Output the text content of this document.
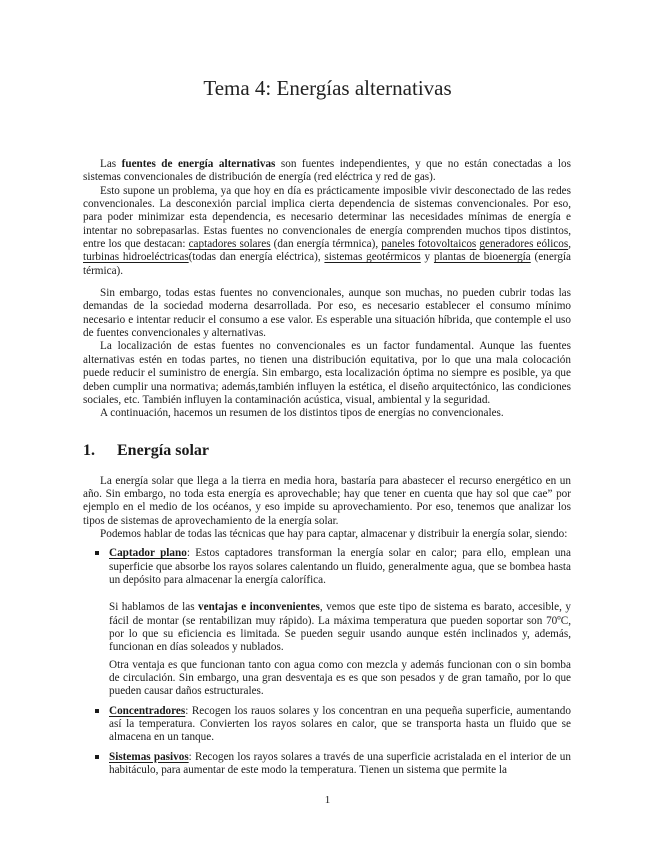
Tema 4: Energías alternativas

Las fuentes de energía alternativas son fuentes independientes, y que no están conectadas a los sistemas convencionales de distribución de energía (red eléctrica y red de gas).

Esto supone un problema, ya que hoy en día es prácticamente imposible vivir desconectado de las redes convencionales. La desconexión parcial implica cierta dependencia de sistemas convencionales. Por eso, para poder minimizar esta dependencia, es necesario determinar las necesidades mínimas de energía e intentar no sobrepasarlas. Estas fuentes no convencionales de energía comprenden muchos tipos distintos, entre los que destacan: captadores solares (dan energía térmnica), paneles fotovoltaicos generadores eólicos, turbinas hidroeléctricas(todas dan energía eléctrica), sistemas geotérmicos y plantas de bioenergía (energía térmica).

Sin embargo, todas estas fuentes no convencionales, aunque son muchas, no pueden cubrir todas las demandas de la sociedad moderna desarrollada. Por eso, es necesario establecer el consumo mínimo necesario e intentar reducir el consumo a ese valor. Es esperable una situación híbrida, que contemple el uso de fuentes convencionales y alternativas.

La localización de estas fuentes no convencionales es un factor fundamental. Aunque las fuentes alternativas estén en todas partes, no tienen una distribución equitativa, por lo que una mala colocación puede reducir el suministro de energía. Sin embargo, esta localización óptima no siempre es posible, ya que deben cumplir una normativa; además,también influyen la estética, el diseño arquitectónico, las condiciones sociales, etc. También influyen la contaminación acústica, visual, ambiental y la seguridad.

A continuación, hacemos un resumen de los distintos tipos de energías no convencionales.

1. Energía solar

La energía solar que llega a la tierra en media hora, bastaría para abastecer el recurso energético en un año. Sin embargo, no toda esta energía es aprovechable; hay que tener en cuenta que hay sol que cae” por ejemplo en el medio de los océanos, y eso impide su aprovechamiento. Por eso, tenemos que analizar los tipos de sistemas de aprovechamiento de la energía solar.

Podemos hablar de todas las técnicas que hay para captar, almacenar y distribuir la energía solar, siendo:

Captador plano: Estos captadores transforman la energía solar en calor; para ello, emplean una superficie que absorbe los rayos solares calentando un fluido, generalmente agua, que se bombea hasta un depósito para almacenar la energía calorífica.

Si hablamos de las ventajas e inconvenientes, vemos que este tipo de sistema es barato, accesible, y fácil de montar (se rentabilizan muy rápido). La máxima temperatura que pueden soportar son 70ºC, por lo que su eficiencia es limitada. Se pueden seguir usando aunque estén inclinados y, además, funcionan en días soleados y nublados.

Otra ventaja es que funcionan tanto con agua como con mezcla y además funcionan con o sin bomba de circulación. Sin embargo, una gran desventaja es es que son pesados y de gran tamaño, por lo que pueden causar daños estructurales.

Concentradores: Recogen los rauos solares y los concentran en una pequeña superficie, aumentando así la temperatura. Convierten los rayos solares en calor, que se transporta hasta un fluido que se almacena en un tanque.

Sistemas pasivos: Recogen los rayos solares a través de una superficie acristalada en el interior de un habitáculo, para aumentar de este modo la temperatura. Tienen un sistema que permite la

1
